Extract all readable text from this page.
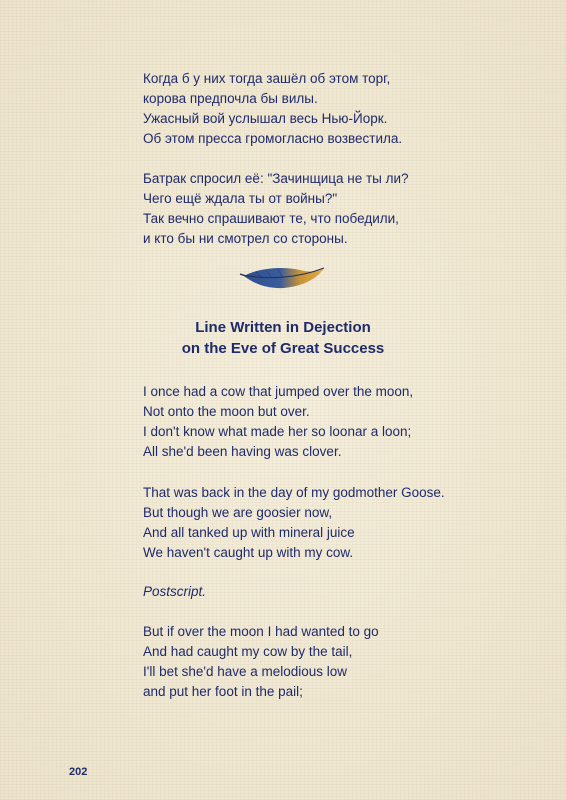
Когда б у них тогда зашёл об этом торг,
корова предпочла бы вилы.
Ужасный вой услышал весь Нью-Йорк.
Об этом пресса громогласно возвестила.
Батрак спросил её: "Зачинщица не ты ли?
Чего ещё ждала ты от войны?"
Так вечно спрашивают те, что победили,
и кто бы ни смотрел со стороны.
Line Written in Dejection
on the Eve of Great Success
I once had a cow that jumped over the moon,
Not onto the moon but over.
I don't know what made her so loonar a loon;
All she'd been having was clover.
That was back in the day of my godmother Goose.
But though we are goosier now,
And all tanked up with mineral juice
We haven't caught up with my cow.
Postscript.
But if over the moon I had wanted to go
And had caught my cow by the tail,
I'll bet she'd have a melodious low
and put her foot in the pail;
202
